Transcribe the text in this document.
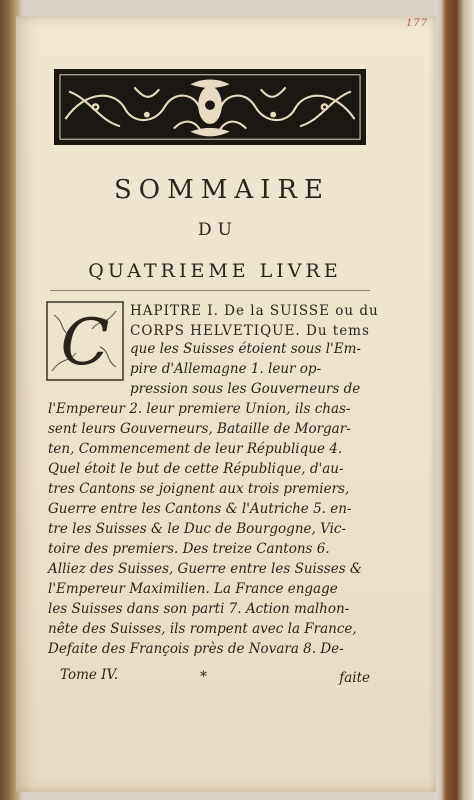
177
SOMMAIRE
DU
QUATRIEME LIVRE
C HAPITRE I. De la SUISSE ou du
CORPS HELVETIQUE. Du tems
que les Suisses étoient sous l'Em-
pire d'Allemagne 1. leur op-
pression sous les Gouverneurs de
l'Empereur 2. leur premiere Union, ils chas-
sent leurs Gouverneurs, Bataille de Morgar-
ten, Commencement de leur République 4.
Quel étoit le but de cette République, d'au-
tres Cantons se joignent aux trois premiers,
Guerre entre les Cantons & l'Autriche 5. en-
tre les Suisses & le Duc de Bourgogne, Vic-
toire des premiers. Des treize Cantons 6.
Alliez des Suisses, Guerre entre les Suisses &
l'Empereur Maximilien. La France engage
les Suisses dans son parti 7. Action malhon-
nête des Suisses, ils rompent avec la France,
Defaite des François près de Novara 8. De-
Tome IV.	*	faite
